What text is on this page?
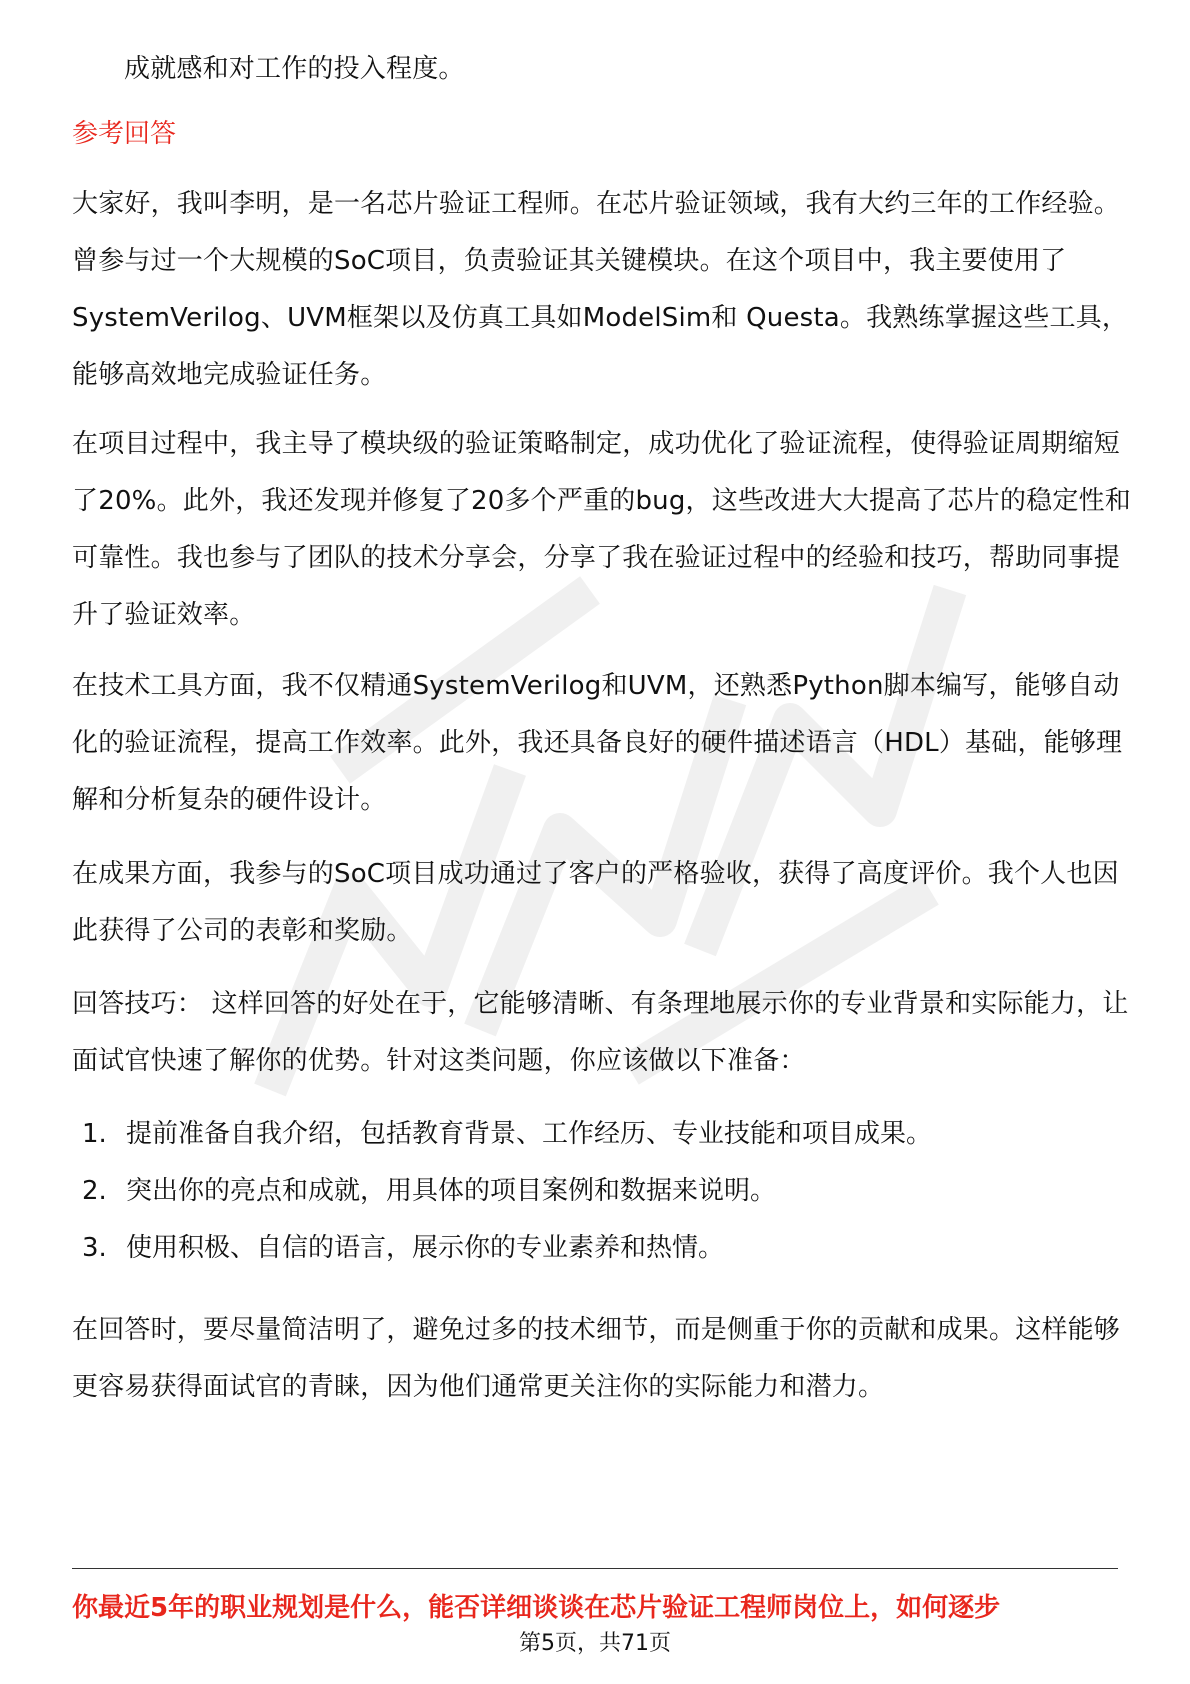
成就感和对工作的投入程度。

参考回答

大家好，我叫李明，是一名芯片验证工程师。在芯片验证领域，我有大约三年的工作经验。曾参与过一个大规模的SoC项目，负责验证其关键模块。在这个项目中，我主要使用了SystemVerilog、UVM框架以及仿真工具如ModelSim和 Questa。我熟练掌握这些工具，能够高效地完成验证任务。

在项目过程中，我主导了模块级的验证策略制定，成功优化了验证流程，使得验证周期缩短了20%。此外，我还发现并修复了20多个严重的bug，这些改进大大提高了芯片的稳定性和可靠性。我也参与了团队的技术分享会，分享了我在验证过程中的经验和技巧，帮助同事提升了验证效率。

在技术工具方面，我不仅精通SystemVerilog和UVM，还熟悉Python脚本编写，能够自动化的验证流程，提高工作效率。此外，我还具备良好的硬件描述语言（HDL）基础，能够理解和分析复杂的硬件设计。

在成果方面，我参与的SoC项目成功通过了客户的严格验收，获得了高度评价。我个人也因此获得了公司的表彰和奖励。

回答技巧： 这样回答的好处在于，它能够清晰、有条理地展示你的专业背景和实际能力，让面试官快速了解你的优势。针对这类问题，你应该做以下准备：

1. 提前准备自我介绍，包括教育背景、工作经历、专业技能和项目成果。
2. 突出你的亮点和成就，用具体的项目案例和数据来说明。
3. 使用积极、自信的语言，展示你的专业素养和热情。

在回答时，要尽量简洁明了，避免过多的技术细节，而是侧重于你的贡献和成果。这样能够更容易获得面试官的青睐，因为他们通常更关注你的实际能力和潜力。

你最近5年的职业规划是什么，能否详细谈谈在芯片验证工程师岗位上，如何逐步

第5页，共71页
